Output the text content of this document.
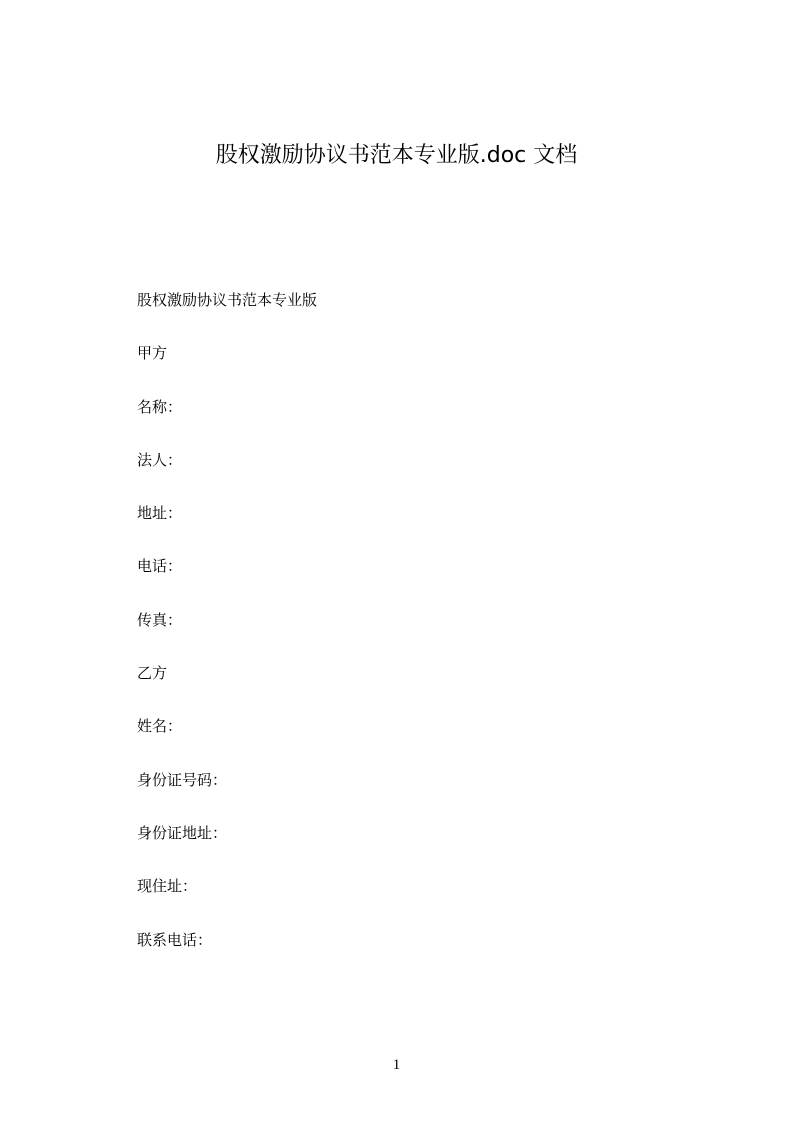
股权激励协议书范本专业版.doc 文档
股权激励协议书范本专业版
甲方
名称：
法人：
地址：
电话：
传真：
乙方
姓名：
身份证号码：
身份证地址：
现住址：
联系电话：
1
